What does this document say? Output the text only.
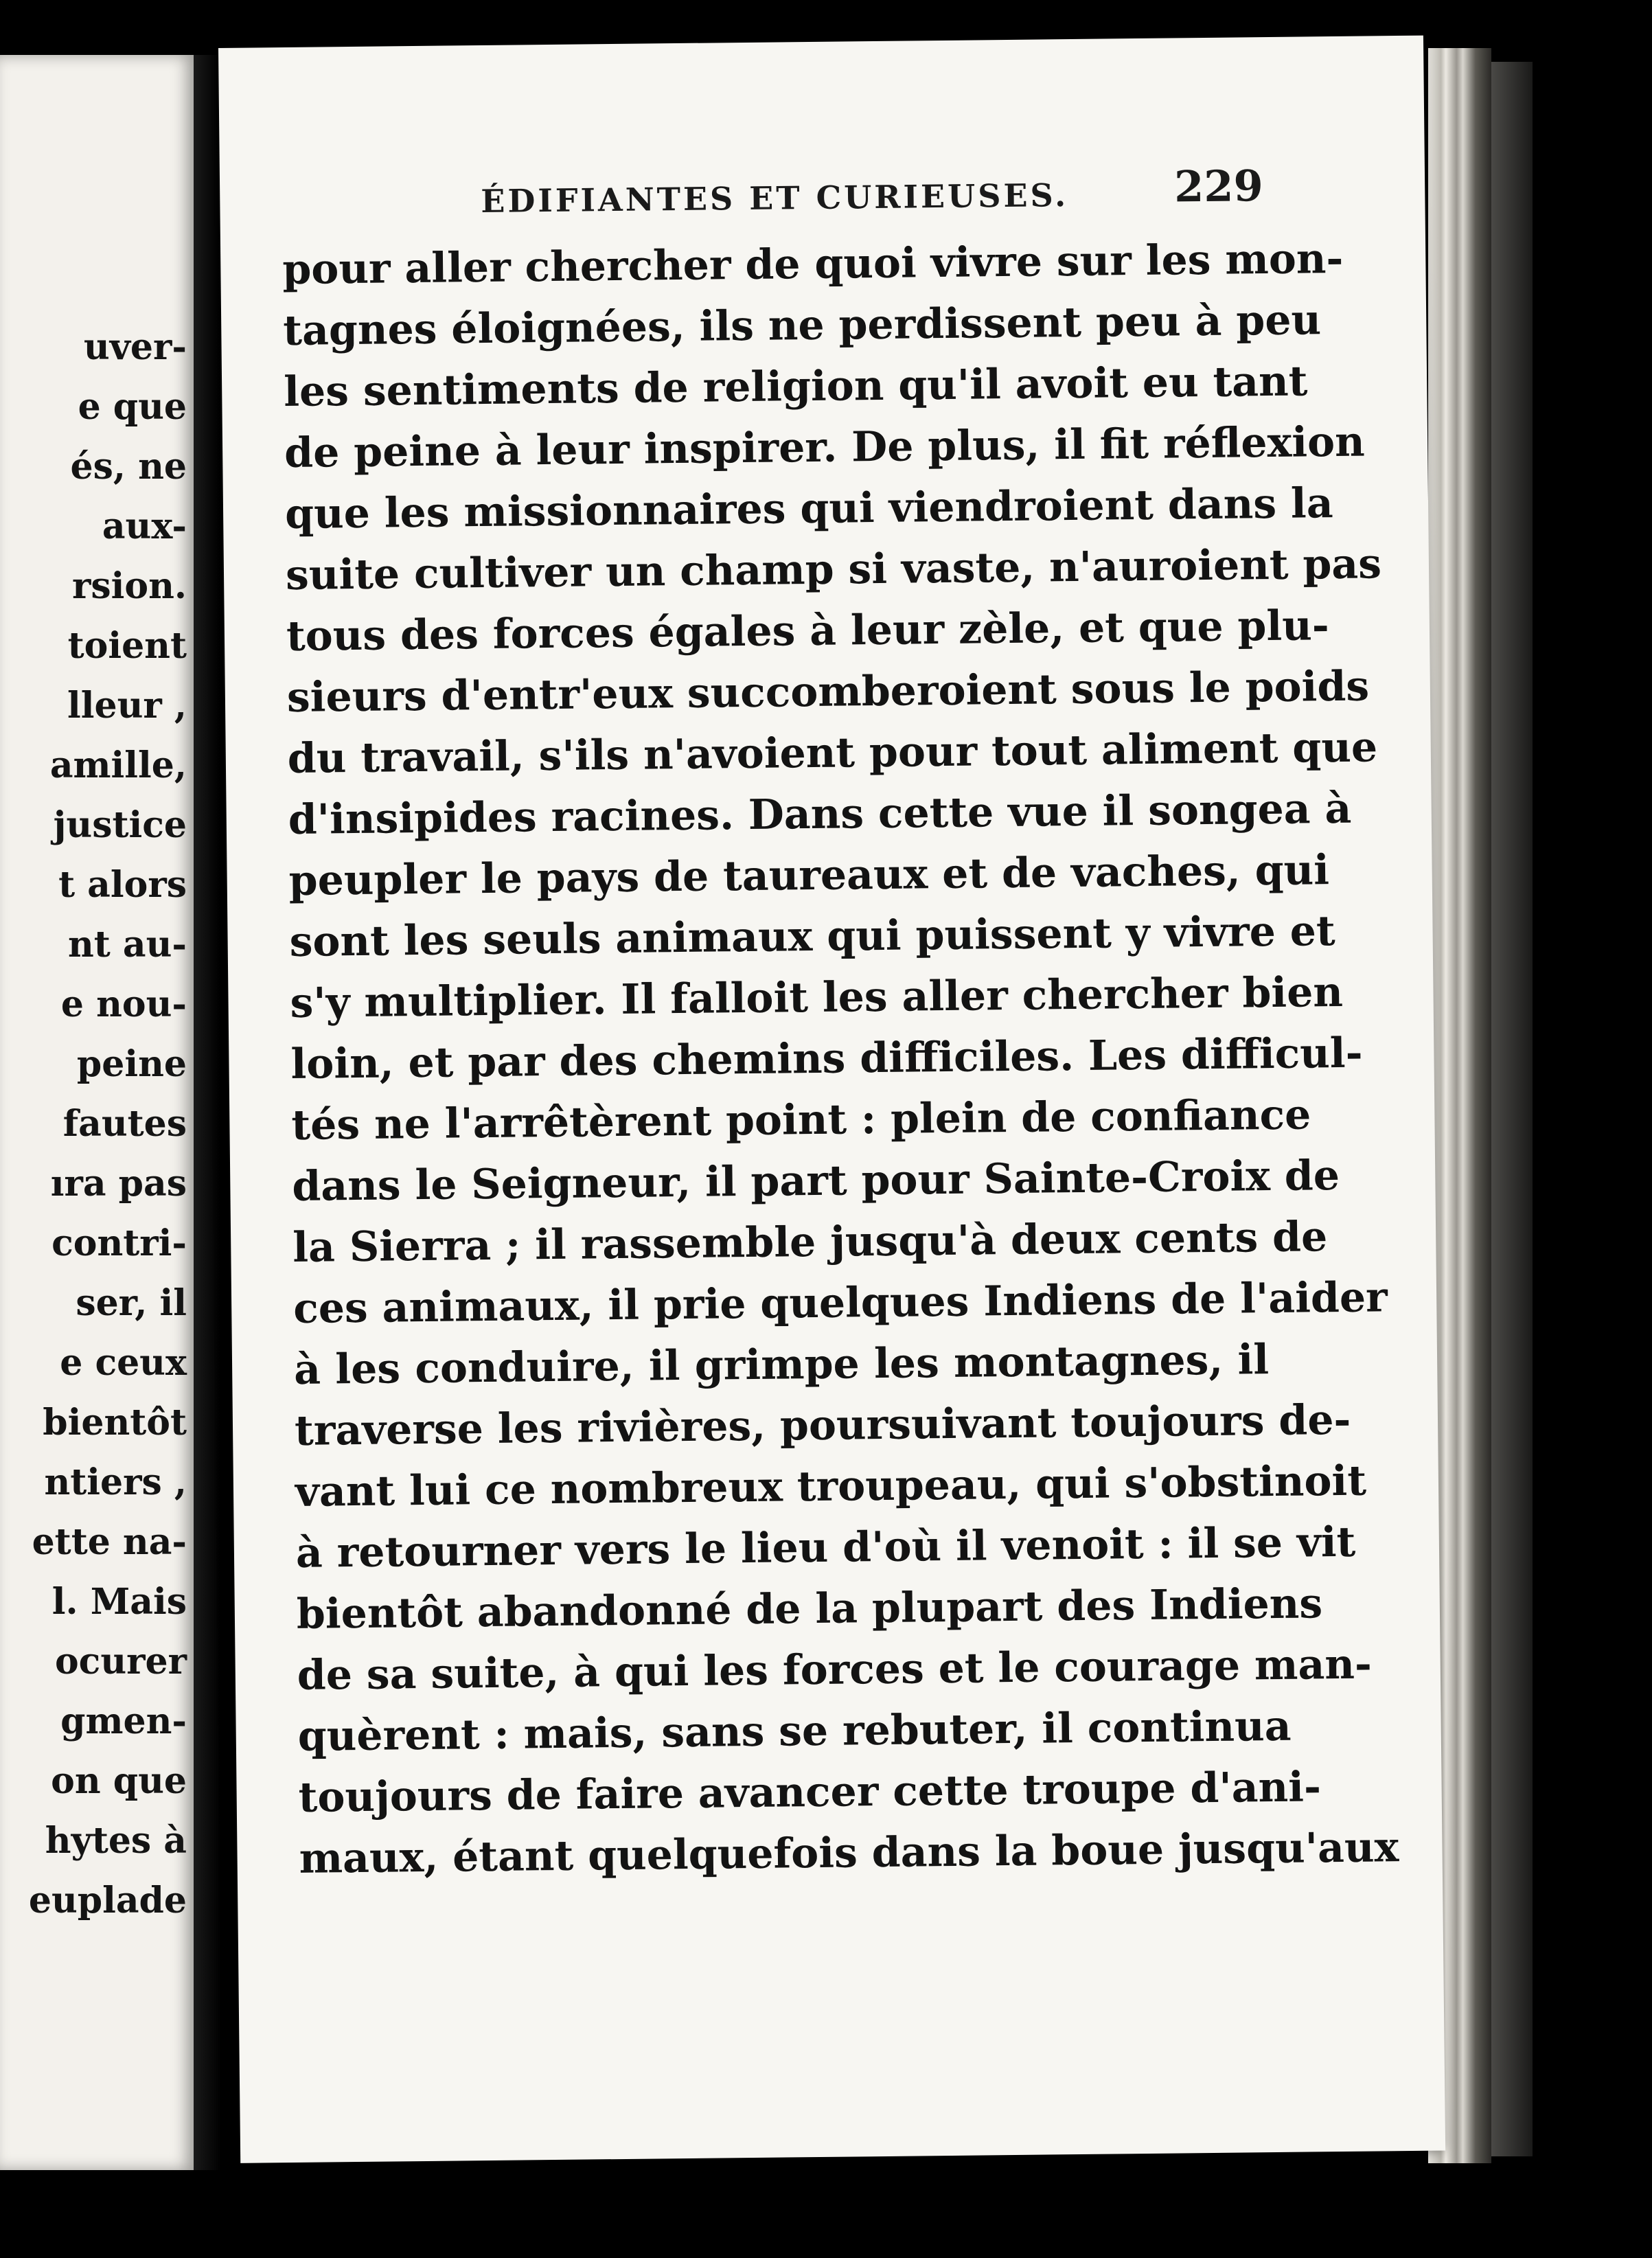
uver-
e que
és, ne
aux-
rsion.
toient
lleur ,
amille,
justice
t alors
nt au-
e nou-
peine
fautes
ıra pas
contri-
ser, il
e ceux
bientôt
ntiers ,
ette na-
l. Mais
ocurer
gmen-
on que
hytes à
euplade
ÉDIFIANTES ET CURIEUSES. 229
pour aller chercher de quoi vivre sur les mon-
tagnes éloignées, ils ne perdissent peu à peu
les sentiments de religion qu'il avoit eu tant
de peine à leur inspirer. De plus, il fit réflexion
que les missionnaires qui viendroient dans la
suite cultiver un champ si vaste, n'auroient pas
tous des forces égales à leur zèle, et que plu-
sieurs d'entr'eux succomberoient sous le poids
du travail, s'ils n'avoient pour tout aliment que
d'insipides racines. Dans cette vue il songea à
peupler le pays de taureaux et de vaches, qui
sont les seuls animaux qui puissent y vivre et
s'y multiplier. Il falloit les aller chercher bien
loin, et par des chemins difficiles. Les difficul-
tés ne l'arrêtèrent point : plein de confiance
dans le Seigneur, il part pour Sainte-Croix de
la Sierra ; il rassemble jusqu'à deux cents de
ces animaux, il prie quelques Indiens de l'aider
à les conduire, il grimpe les montagnes, il
traverse les rivières, poursuivant toujours de-
vant lui ce nombreux troupeau, qui s'obstinoit
à retourner vers le lieu d'où il venoit : il se vit
bientôt abandonné de la plupart des Indiens
de sa suite, à qui les forces et le courage man-
quèrent : mais, sans se rebuter, il continua
toujours de faire avancer cette troupe d'ani-
maux, étant quelquefois dans la boue jusqu'aux
